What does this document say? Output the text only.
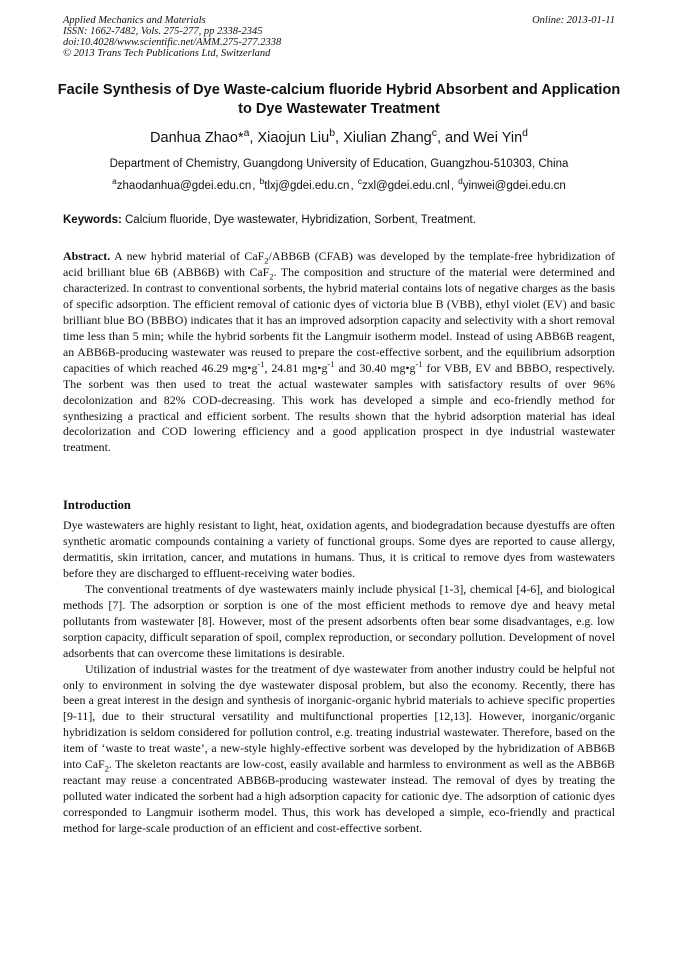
Applied Mechanics and Materials
ISSN: 1662-7482, Vols. 275-277, pp 2338-2345
doi:10.4028/www.scientific.net/AMM.275-277.2338
© 2013 Trans Tech Publications Ltd, Switzerland
Online: 2013-01-11
Facile Synthesis of Dye Waste-calcium fluoride Hybrid Absorbent and Application to Dye Wastewater Treatment
Danhua Zhao*$^a$, Xiaojun Liu$^b$, Xiulian Zhang$^c$, and Wei Yin$^d$
Department of Chemistry, Guangdong University of Education, Guangzhou-510303, China
$^a$zhaodanhua@gdei.edu.cn, $^b$tlxj@gdei.edu.cn, $^c$zxl@gdei.edu.cnl, $^d$yinwei@gdei.edu.cn
Keywords: Calcium fluoride, Dye wastewater, Hybridization, Sorbent, Treatment.
Abstract. A new hybrid material of CaF$_2$/ABB6B (CFAB) was developed by the template-free hybridization of acid brilliant blue 6B (ABB6B) with CaF$_2$. The composition and structure of the material were determined and characterized. In contrast to conventional sorbents, the hybrid material contains lots of negative charges as the basis of specific adsorption. The efficient removal of cationic dyes of victoria blue B (VBB), ethyl violet (EV) and basic brilliant blue BO (BBBO) indicates that it has an improved adsorption capacity and selectivity with a short removal time less than 5 min; while the hybrid sorbents fit the Langmuir isotherm model. Instead of using ABB6B reagent, an ABB6B-producing wastewater was reused to prepare the cost-effective sorbent, and the equilibrium adsorption capacities of which reached 46.29 $mg•g^{-1}$, 24.81 $mg•g^{-1}$ and 30.40 $mg•g^{-1}$ for VBB, EV and BBBO, respectively. The sorbent was then used to treat the actual wastewater samples with satisfactory results of over 96% decolonization and 82% COD-decreasing. This work has developed a simple and eco-friendly method for synthesizing a practical and efficient sorbent. The results shown that the hybrid adsorption material has ideal decolorization and COD lowering efficiency and a good application prospect in dye industrial wastewater treatment.
Introduction

Dye wastewaters are highly resistant to light, heat, oxidation agents, and biodegradation because dyestuffs are often synthetic aromatic compounds containing a variety of functional groups. Some dyes are reported to cause allergy, dermatitis, skin irritation, cancer, and mutations in humans. Thus, it is critical to remove dyes from wastewaters before they are discharged to effluent-receiving water bodies.

The conventional treatments of dye wastewaters mainly include physical [1-3], chemical [4-6], and biological methods [7]. The adsorption or sorption is one of the most efficient methods to remove dye and heavy metal pollutants from wastewater [8]. However, most of the present adsorbents often bear some disadvantages, e.g. low sorption capacity, difficult separation of spoil, complex reproduction, or secondary pollution. Development of novel adsorbents that can overcome these limitations is desirable.

Utilization of industrial wastes for the treatment of dye wastewater from another industry could be helpful not only to environment in solving the dye wastewater disposal problem, but also the economy. Recently, there has been a great interest in the design and synthesis of inorganic-organic hybrid materials to achieve specific properties [9-11], due to their structural versatility and multifunctional properties [12,13]. However, inorganic/organic hybridization is seldom considered for pollution control, e.g. treating industrial wastewater. Therefore, based on the item of ‘waste to treat waste’, a new-style highly-effective sorbent was developed by the hybridization of ABB6B into CaF$_2$. The skeleton reactants are low-cost, easily available and harmless to environment as well as the ABB6B reactant may reuse a concentrated ABB6B-producing wastewater instead. The removal of dyes by treating the polluted water indicated the sorbent had a high adsorption capacity for cationic dye. The adsorption of cationic dyes corresponded to Langmuir isotherm model. Thus, this work has developed a simple, eco-friendly and practical method for large-scale production of an efficient and cost-effective sorbent.
